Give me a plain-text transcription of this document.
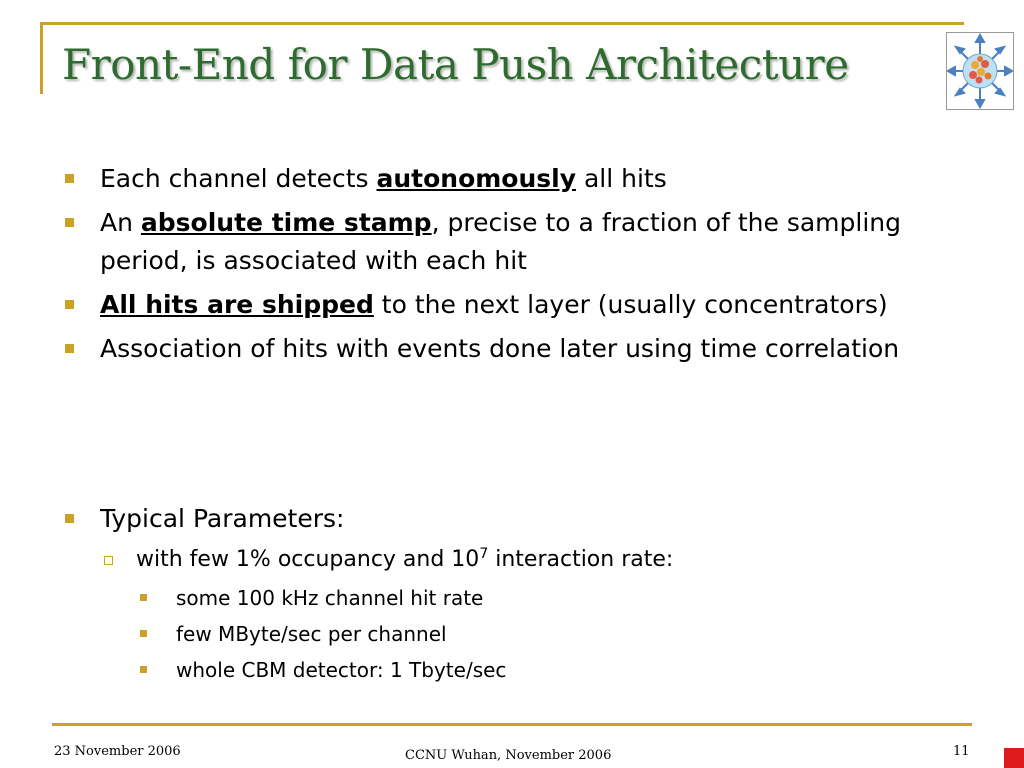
Front-End for Data Push Architecture
Each channel detects autonomously all hits
An absolute time stamp, precise to a fraction of the sampling period, is associated with each hit
All hits are shipped to the next layer (usually concentrators)
Association of hits with events done later using time correlation
Typical Parameters:
with few 1% occupancy and $10^7$ interaction rate:
some 100 kHz channel hit rate
few MByte/sec per channel
whole CBM detector: 1 Tbyte/sec
23 November 2006	CCNU Wuhan, November 2006	11
